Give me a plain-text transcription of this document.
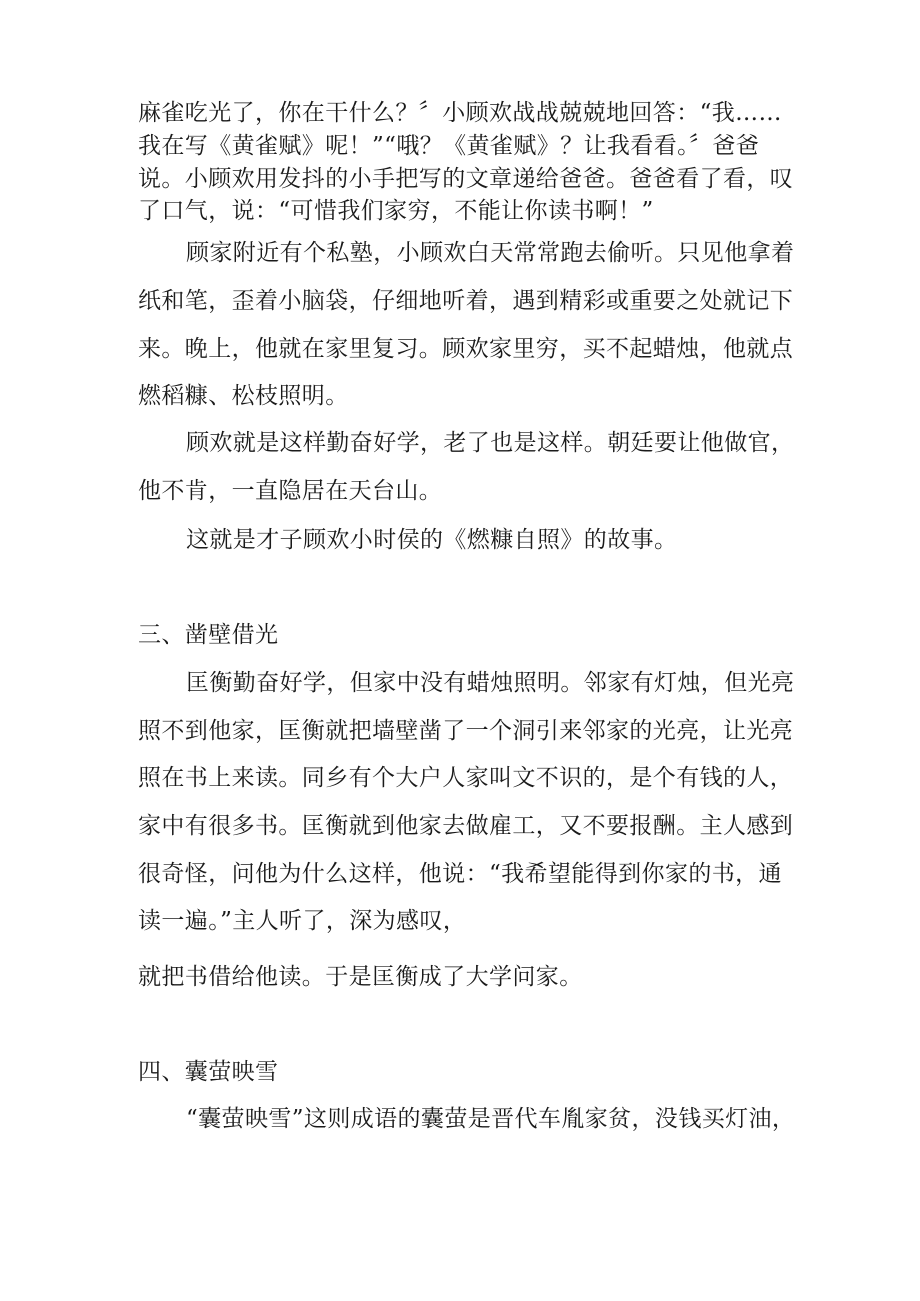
麻雀吃光了，你在干什么？〞小顾欢战战兢兢地回答：“我……
我在写《黄雀赋》呢！”“哦？《黄雀赋》？让我看看。〞爸爸
说。小顾欢用发抖的小手把写的文章递给爸爸。爸爸看了看，叹
了口气，说：“可惜我们家穷，不能让你读书啊！”
顾家附近有个私塾，小顾欢白天常常跑去偷听。只见他拿着
纸和笔，歪着小脑袋，仔细地听着，遇到精彩或重要之处就记下
来。晚上，他就在家里复习。顾欢家里穷，买不起蜡烛，他就点
燃稻糠、松枝照明。
顾欢就是这样勤奋好学，老了也是这样。朝廷要让他做官，
他不肯，一直隐居在天台山。
这就是才子顾欢小时侯的《燃糠自照》的故事。
三、凿壁借光
匡衡勤奋好学，但家中没有蜡烛照明。邻家有灯烛，但光亮
照不到他家，匡衡就把墙壁凿了一个洞引来邻家的光亮，让光亮
照在书上来读。同乡有个大户人家叫文不识的，是个有钱的人，
家中有很多书。匡衡就到他家去做雇工，又不要报酬。主人感到
很奇怪，问他为什么这样，他说：“我希望能得到你家的书，通
读一遍。”主人听了，深为感叹，
就把书借给他读。于是匡衡成了大学问家。
四、囊萤映雪
“囊萤映雪”这则成语的囊萤是晋代车胤家贫，没钱买灯油，
